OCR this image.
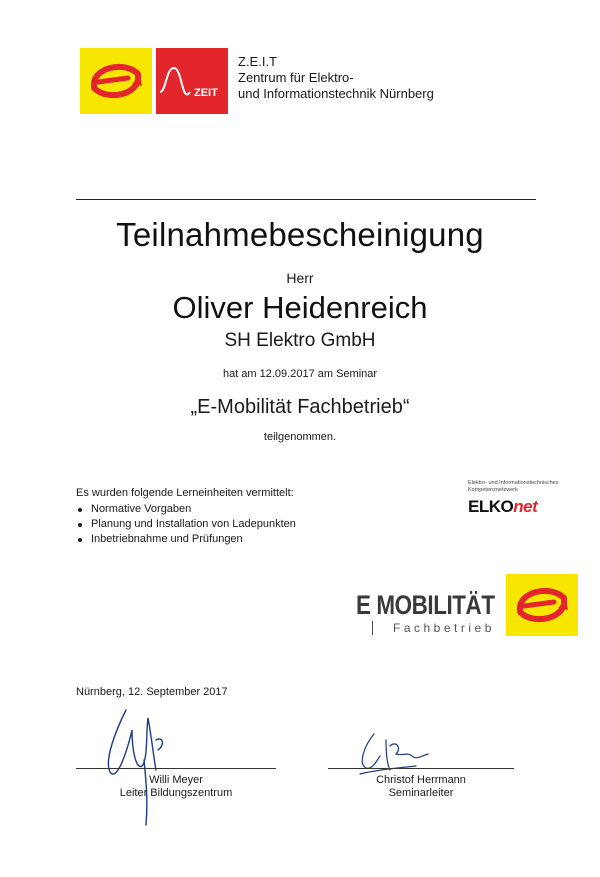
ZEIT
Z.E.I.T
Zentrum für Elektro-
und Informationstechnik Nürnberg
Teilnahmebescheinigung
Herr
Oliver Heidenreich
SH Elektro GmbH
hat am 12.09.2017 am Seminar
„E-Mobilität Fachbetrieb“
teilgenommen.
Es wurden folgende Lerneinheiten vermittelt:
Normative Vorgaben
Planung und Installation von Ladepunkten
Inbetriebnahme und Prüfungen
Elektro- und Informationstechnisches Kompetenznetzwerk
ELKOnet
E MOBILITÄT
Fachbetrieb
Nürnberg, 12. September 2017
Willi Meyer
Leiter Bildungszentrum
Christof Herrmann
Seminarleiter
